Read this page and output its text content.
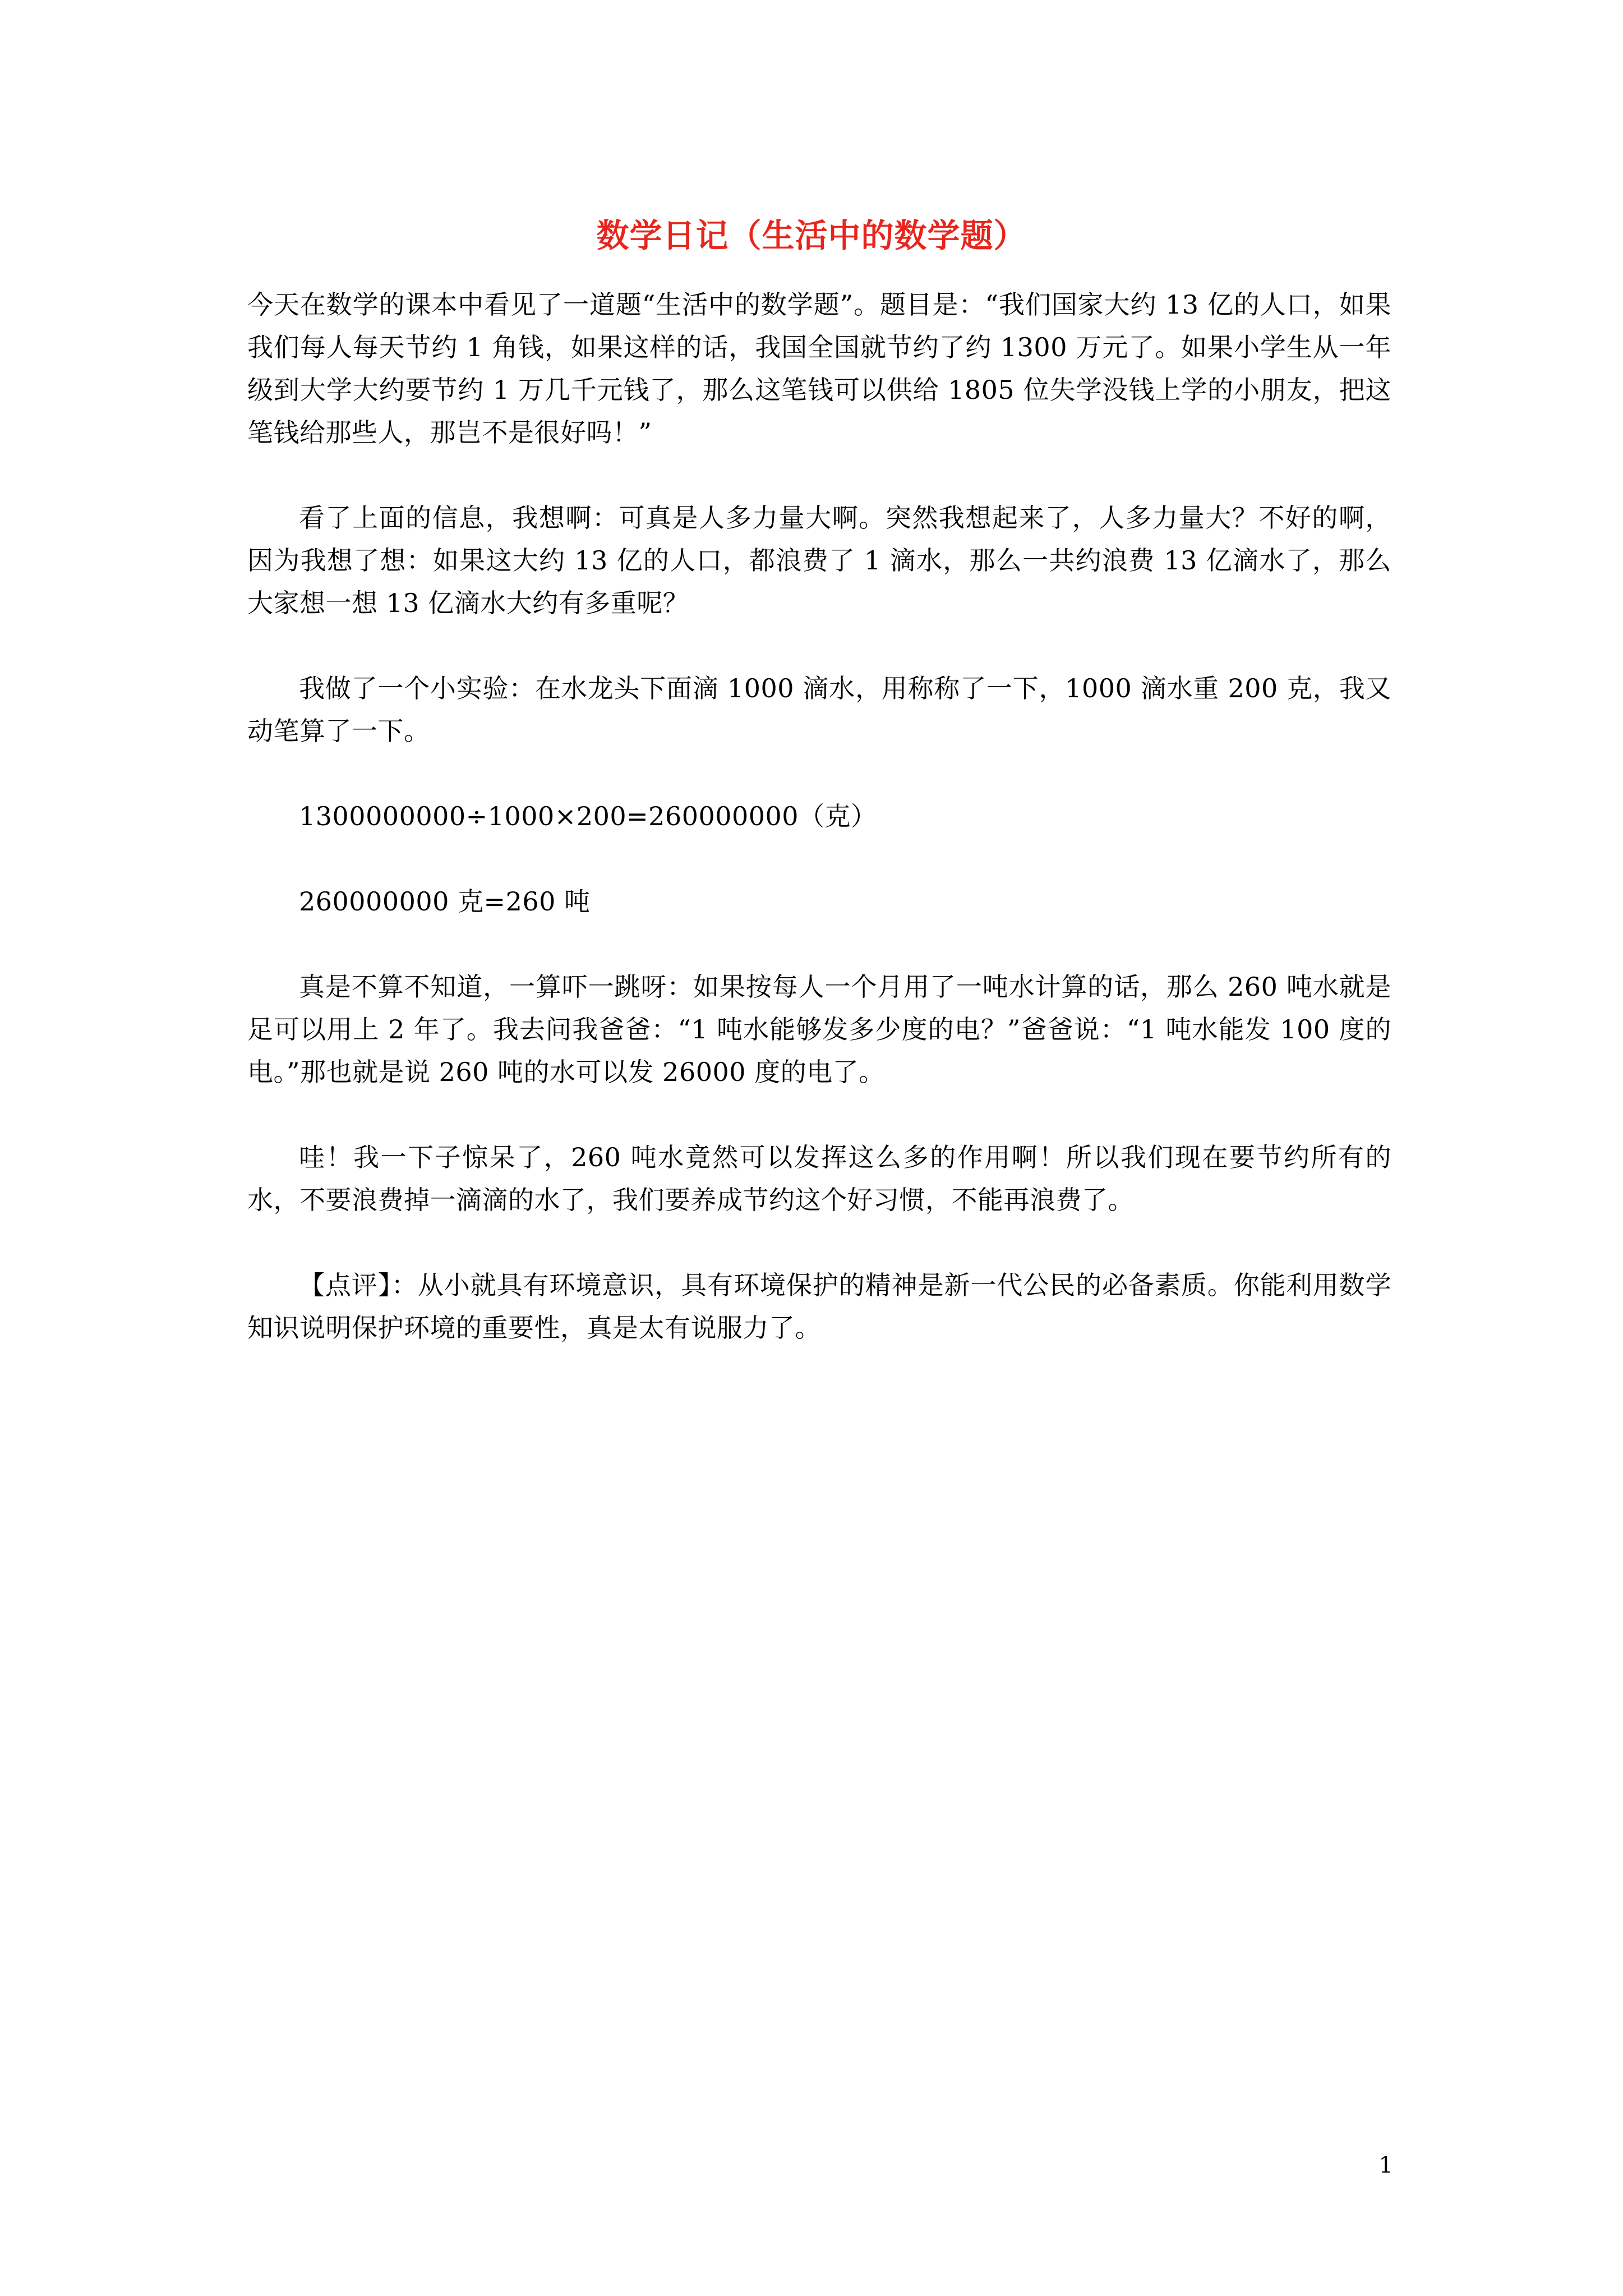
数学日记（生活中的数学题）

今天在数学的课本中看见了一道题“生活中的数学题”。题目是：“我们国家大约 13 亿的人口，如果我们每人每天节约 1 角钱，如果这样的话，我国全国就节约了约 1300 万元了。如果小学生从一年级到大学大约要节约 1 万几千元钱了，那么这笔钱可以供给 1805 位失学没钱上学的小朋友，把这笔钱给那些人，那岂不是很好吗！”

看了上面的信息，我想啊：可真是人多力量大啊。突然我想起来了，人多力量大？不好的啊，因为我想了想：如果这大约 13 亿的人口，都浪费了 1 滴水，那么一共约浪费 13 亿滴水了，那么大家想一想 13 亿滴水大约有多重呢？

我做了一个小实验：在水龙头下面滴 1000 滴水，用称称了一下，1000 滴水重 200 克，我又动笔算了一下。

1300000000÷1000×200=260000000（克）

260000000 克=260 吨

真是不算不知道，一算吓一跳呀：如果按每人一个月用了一吨水计算的话，那么 260 吨水就是足可以用上 2 年了。我去问我爸爸：“1 吨水能够发多少度的电？”爸爸说：“1 吨水能发 100 度的电。”那也就是说 260 吨的水可以发 26000 度的电了。

哇！我一下子惊呆了，260 吨水竟然可以发挥这么多的作用啊！所以我们现在要节约所有的水，不要浪费掉一滴滴的水了，我们要养成节约这个好习惯，不能再浪费了。

【点评】：从小就具有环境意识，具有环境保护的精神是新一代公民的必备素质。你能利用数学知识说明保护环境的重要性，真是太有说服力了。

1
